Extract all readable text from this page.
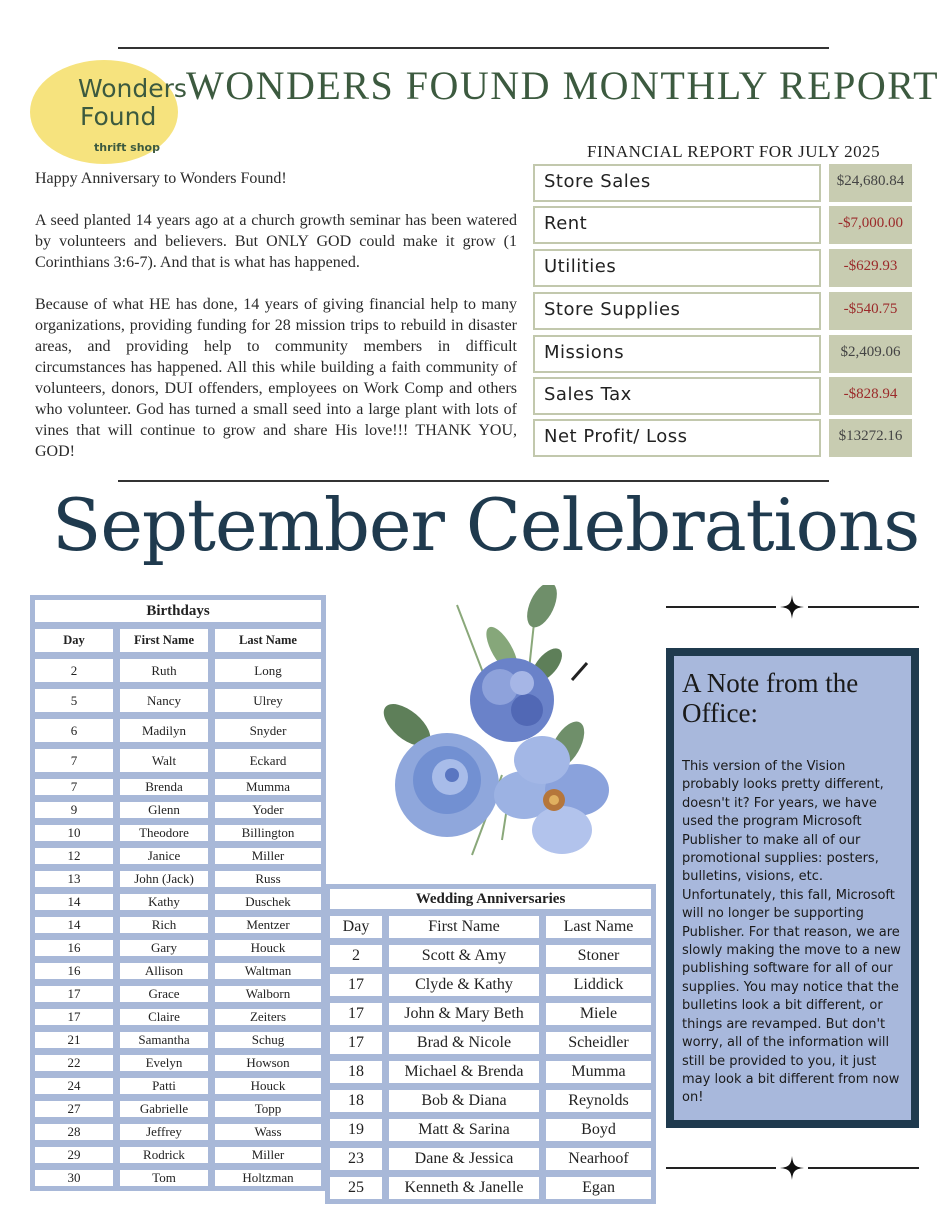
Wonders
Found
thrift shop
WONDERS FOUND MONTHLY REPORT

Happy Anniversary to Wonders Found!

A seed planted 14 years ago at a church growth seminar has been watered by volunteers and believers. But ONLY GOD could make it grow (1 Corinthians 3:6-7). And that is what has happened.

Because of what HE has done, 14 years of giving financial help to many organizations, providing funding for 28 mission trips to rebuild in disaster areas, and providing help to community members in difficult circumstances has happened. All this while building a faith community of volunteers, donors, DUI offenders, employees on Work Comp and others who volunteer. God has turned a small seed into a large plant with lots of vines that will continue to grow and share His love!!! THANK YOU, GOD!

FINANCIAL REPORT FOR JULY 2025
Store Sales	$24,680.84
Rent	-$7,000.00
Utilities	-$629.93
Store Supplies	-$540.75
Missions	$2,409.06
Sales Tax	-$828.94
Net Profit/ Loss	$13272.16
September Celebrations
Birthdays		
Day	First Name	Last Name
2	Ruth	Long
5	Nancy	Ulrey
6	Madilyn	Snyder
7	Walt	Eckard
7	Brenda	Mumma
9	Glenn	Yoder
10	Theodore	Billington
12	Janice	Miller
13	John (Jack)	Russ
14	Kathy	Duschek
14	Rich	Mentzer
16	Gary	Houck
16	Allison	Waltman
17	Grace	Walborn
17	Claire	Zeiters
21	Samantha	Schug
22	Evelyn	Howson
24	Patti	Houck
27	Gabrielle	Topp
28	Jeffrey	Wass
29	Rodrick	Miller
30	Tom	Holtzman
Wedding Anniversaries		
Day	First Name	Last Name
2	Scott & Amy	Stoner
17	Clyde & Kathy	Liddick
17	John & Mary Beth	Miele
17	Brad & Nicole	Scheidler
18	Michael & Brenda	Mumma
18	Bob & Diana	Reynolds
19	Matt & Sarina	Boyd
23	Dane & Jessica	Nearhoof
25	Kenneth & Janelle	Egan
A Note from the Office:
This version of the Vision probably looks pretty different, doesn't it? For years, we have used the program Microsoft Publisher to make all of our promotional supplies: posters, bulletins, visions, etc. Unfortunately, this fall, Microsoft will no longer be supporting Publisher. For that reason, we are slowly making the move to a new publishing software for all of our supplies. You may notice that the bulletins look a bit different, or things are revamped. But don't worry, all of the information will still be provided to you, it just may look a bit different from now on!
